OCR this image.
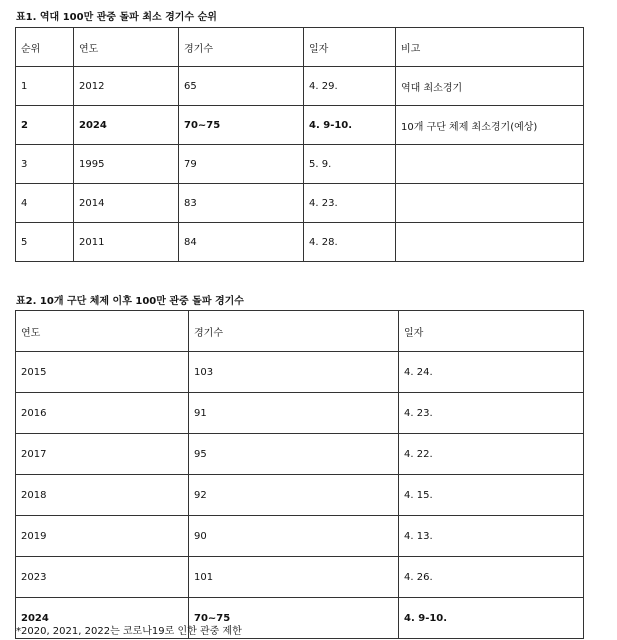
표1. 역대 100만 관중 돌파 최소 경기수 순위
순위	연도	경기수	일자	비고
1	2012	65	4. 29.	역대 최소경기
2	2024	70~75	4. 9-10.	10개 구단 체제 최소경기(예상)
3	1995	79	5. 9.	
4	2014	83	4. 23.	
5	2011	84	4. 28.	
표2. 10개 구단 체제 이후 100만 관중 돌파 경기수
연도	경기수	일자
2015	103	4. 24.
2016	91	4. 23.
2017	95	4. 22.
2018	92	4. 15.
2019	90	4. 13.
2023	101	4. 26.
2024	70~75	4. 9-10.
*2020, 2021, 2022는 코로나19로 인한 관중 제한
